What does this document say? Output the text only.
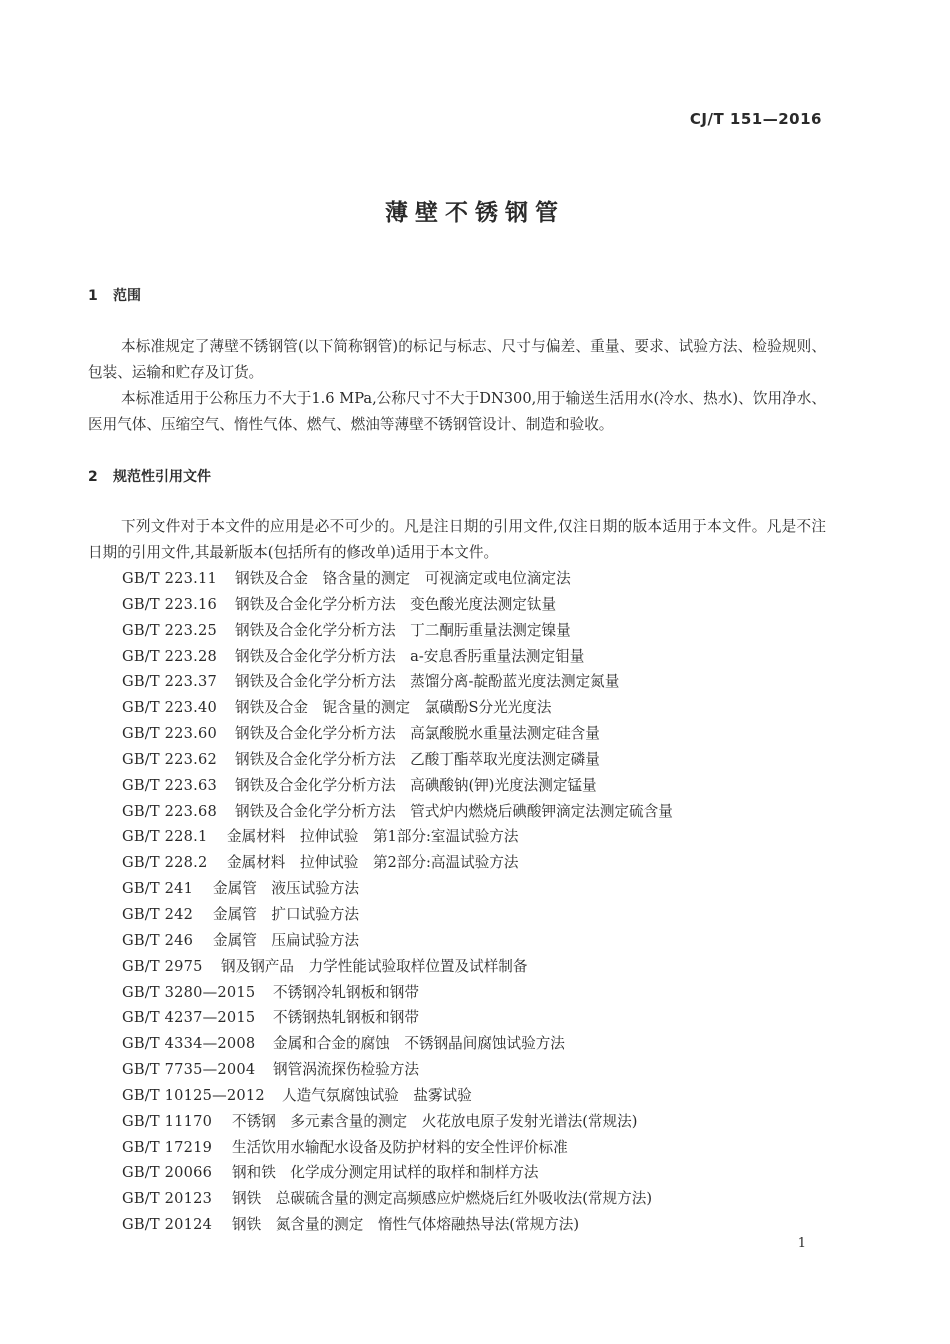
CJ/T 151—2016
薄壁不锈钢管
1 范围
本标准规定了薄壁不锈钢管(以下简称钢管)的标记与标志、尺寸与偏差、重量、要求、试验方法、检验规则、包装、运输和贮存及订货。
本标准适用于公称压力不大于1.6 MPa,公称尺寸不大于DN300,用于输送生活用水(冷水、热水)、饮用净水、医用气体、压缩空气、惰性气体、燃气、燃油等薄壁不锈钢管设计、制造和验收。
2 规范性引用文件
下列文件对于本文件的应用是必不可少的。凡是注日期的引用文件,仅注日期的版本适用于本文件。凡是不注日期的引用文件,其最新版本(包括所有的修改单)适用于本文件。
GB/T 223.11 钢铁及合金　铬含量的测定　可视滴定或电位滴定法
GB/T 223.16 钢铁及合金化学分析方法　变色酸光度法测定钛量
GB/T 223.25 钢铁及合金化学分析方法　丁二酮肟重量法测定镍量
GB/T 223.28 钢铁及合金化学分析方法　a-安息香肟重量法测定钼量
GB/T 223.37 钢铁及合金化学分析方法　蒸馏分离-靛酚蓝光度法测定氮量
GB/T 223.40 钢铁及合金　铌含量的测定　氯磺酚S分光光度法
GB/T 223.60 钢铁及合金化学分析方法　高氯酸脱水重量法测定硅含量
GB/T 223.62 钢铁及合金化学分析方法　乙酸丁酯萃取光度法测定磷量
GB/T 223.63 钢铁及合金化学分析方法　高碘酸钠(钾)光度法测定锰量
GB/T 223.68 钢铁及合金化学分析方法　管式炉内燃烧后碘酸钾滴定法测定硫含量
GB/T 228.1 金属材料　拉伸试验　第1部分:室温试验方法
GB/T 228.2 金属材料　拉伸试验　第2部分:高温试验方法
GB/T 241 金属管　液压试验方法
GB/T 242 金属管　扩口试验方法
GB/T 246 金属管　压扁试验方法
GB/T 2975 钢及钢产品　力学性能试验取样位置及试样制备
GB/T 3280—2015 不锈钢冷轧钢板和钢带
GB/T 4237—2015 不锈钢热轧钢板和钢带
GB/T 4334—2008 金属和合金的腐蚀　不锈钢晶间腐蚀试验方法
GB/T 7735—2004 钢管涡流探伤检验方法
GB/T 10125—2012 人造气氛腐蚀试验　盐雾试验
GB/T 11170 不锈钢　多元素含量的测定　火花放电原子发射光谱法(常规法)
GB/T 17219 生活饮用水输配水设备及防护材料的安全性评价标准
GB/T 20066 钢和铁　化学成分测定用试样的取样和制样方法
GB/T 20123 钢铁　总碳硫含量的测定高频感应炉燃烧后红外吸收法(常规方法)
GB/T 20124 钢铁　氮含量的测定　惰性气体熔融热导法(常规方法)
1
